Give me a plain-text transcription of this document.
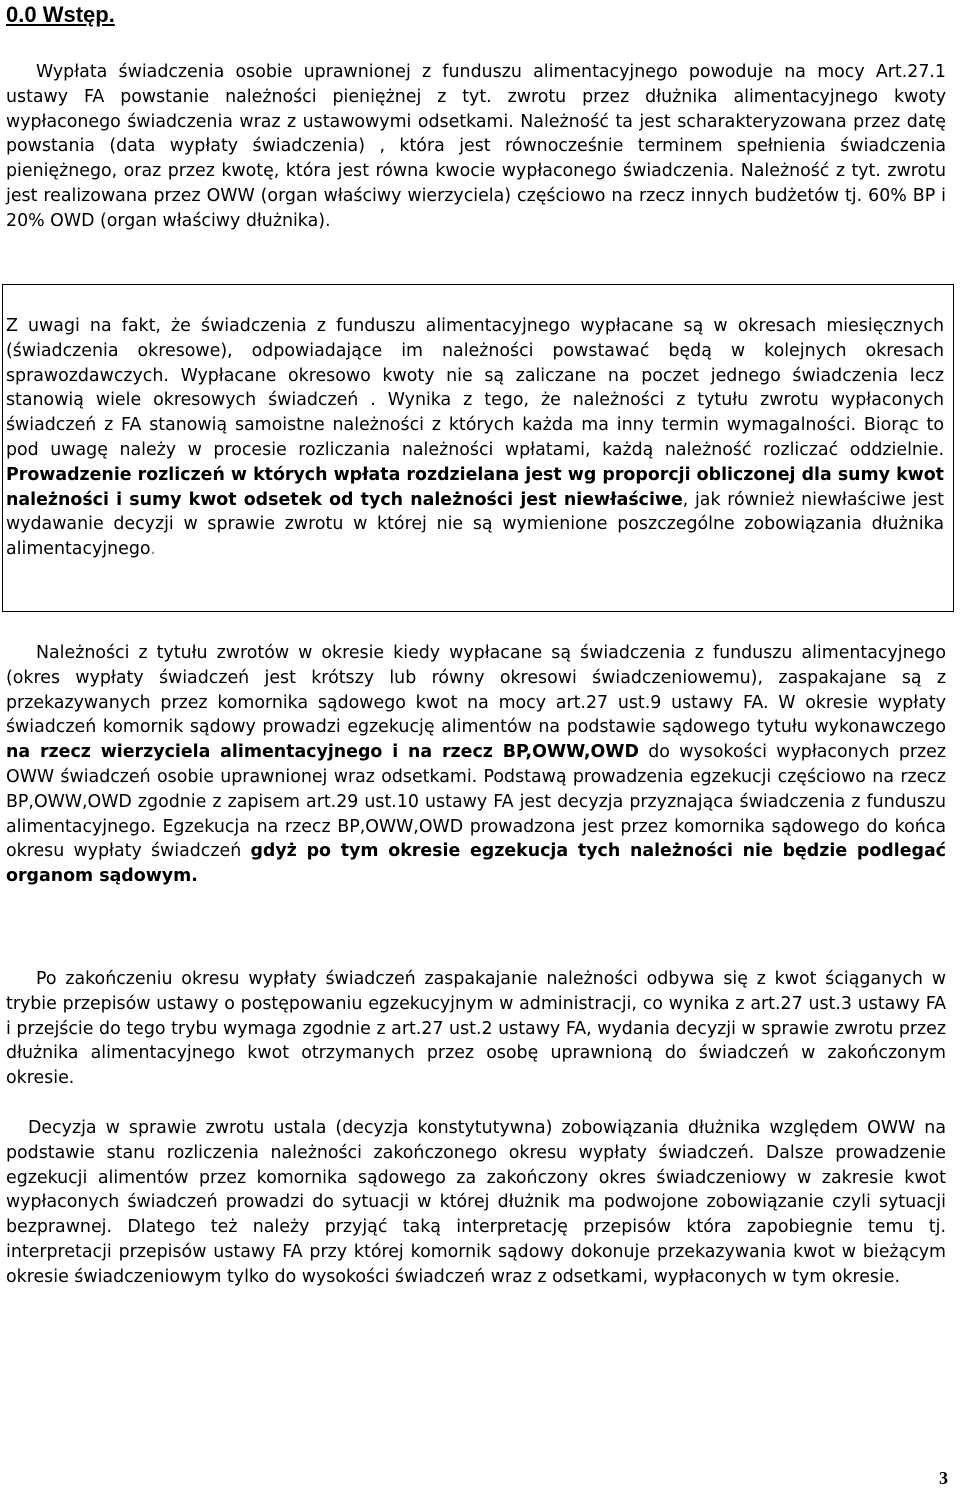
0.0 Wstęp.

Wypłata świadczenia osobie uprawnionej z funduszu alimentacyjnego powoduje na mocy Art.27.1 ustawy FA powstanie należności pieniężnej z tyt. zwrotu przez dłużnika alimentacyjnego kwoty wypłaconego świadczenia wraz z ustawowymi odsetkami. Należność ta jest scharakteryzowana przez datę powstania (data wypłaty świadczenia) , która jest równocześnie terminem spełnienia świadczenia pieniężnego, oraz przez kwotę, która jest równa kwocie wypłaconego świadczenia. Należność z tyt. zwrotu jest realizowana przez OWW (organ właściwy wierzyciela) częściowo na rzecz innych budżetów tj. 60% BP i 20% OWD (organ właściwy dłużnika).

Z uwagi na fakt, że świadczenia z funduszu alimentacyjnego wypłacane są w okresach miesięcznych (świadczenia okresowe), odpowiadające im należności powstawać będą w kolejnych okresach sprawozdawczych. Wypłacane okresowo kwoty nie są zaliczane na poczet jednego świadczenia lecz stanowią wiele okresowych świadczeń . Wynika z tego, że należności z tytułu zwrotu wypłaconych świadczeń z FA stanowią samoistne należności z których każda ma inny termin wymagalności. Biorąc to pod uwagę należy w procesie rozliczania należności wpłatami, każdą należność rozliczać oddzielnie. Prowadzenie rozliczeń w których wpłata rozdzielana jest wg proporcji obliczonej dla sumy kwot należności i sumy kwot odsetek od tych należności jest niewłaściwe, jak również niewłaściwe jest wydawanie decyzji w sprawie zwrotu w której nie są wymienione poszczególne zobowiązania dłużnika alimentacyjnego.

Należności z tytułu zwrotów w okresie kiedy wypłacane są świadczenia z funduszu alimentacyjnego (okres wypłaty świadczeń jest krótszy lub równy okresowi świadczeniowemu), zaspakajane są z przekazywanych przez komornika sądowego kwot na mocy art.27 ust.9 ustawy FA. W okresie wypłaty świadczeń komornik sądowy prowadzi egzekucję alimentów na podstawie sądowego tytułu wykonawczego na rzecz wierzyciela alimentacyjnego i na rzecz BP,OWW,OWD do wysokości wypłaconych przez OWW świadczeń osobie uprawnionej wraz odsetkami. Podstawą prowadzenia egzekucji częściowo na rzecz BP,OWW,OWD zgodnie z zapisem art.29 ust.10 ustawy FA jest decyzja przyznająca świadczenia z funduszu alimentacyjnego. Egzekucja na rzecz BP,OWW,OWD prowadzona jest przez komornika sądowego do końca okresu wypłaty świadczeń gdyż po tym okresie egzekucja tych należności nie będzie podlegać organom sądowym.

Po zakończeniu okresu wypłaty świadczeń zaspakajanie należności odbywa się z kwot ściąganych w trybie przepisów ustawy o postępowaniu egzekucyjnym w administracji, co wynika z art.27 ust.3 ustawy FA i przejście do tego trybu wymaga zgodnie z art.27 ust.2 ustawy FA, wydania decyzji w sprawie zwrotu przez dłużnika alimentacyjnego kwot otrzymanych przez osobę uprawnioną do świadczeń w zakończonym okresie.

Decyzja w sprawie zwrotu ustala (decyzja konstytutywna) zobowiązania dłużnika względem OWW na podstawie stanu rozliczenia należności zakończonego okresu wypłaty świadczeń. Dalsze prowadzenie egzekucji alimentów przez komornika sądowego za zakończony okres świadczeniowy w zakresie kwot wypłaconych świadczeń prowadzi do sytuacji w której dłużnik ma podwojone zobowiązanie czyli sytuacji bezprawnej. Dlatego też należy przyjąć taką interpretację przepisów która zapobiegnie temu tj. interpretacji przepisów ustawy FA przy której komornik sądowy dokonuje przekazywania kwot w bieżącym okresie świadczeniowym tylko do wysokości świadczeń wraz z odsetkami, wypłaconych w tym okresie.

3
